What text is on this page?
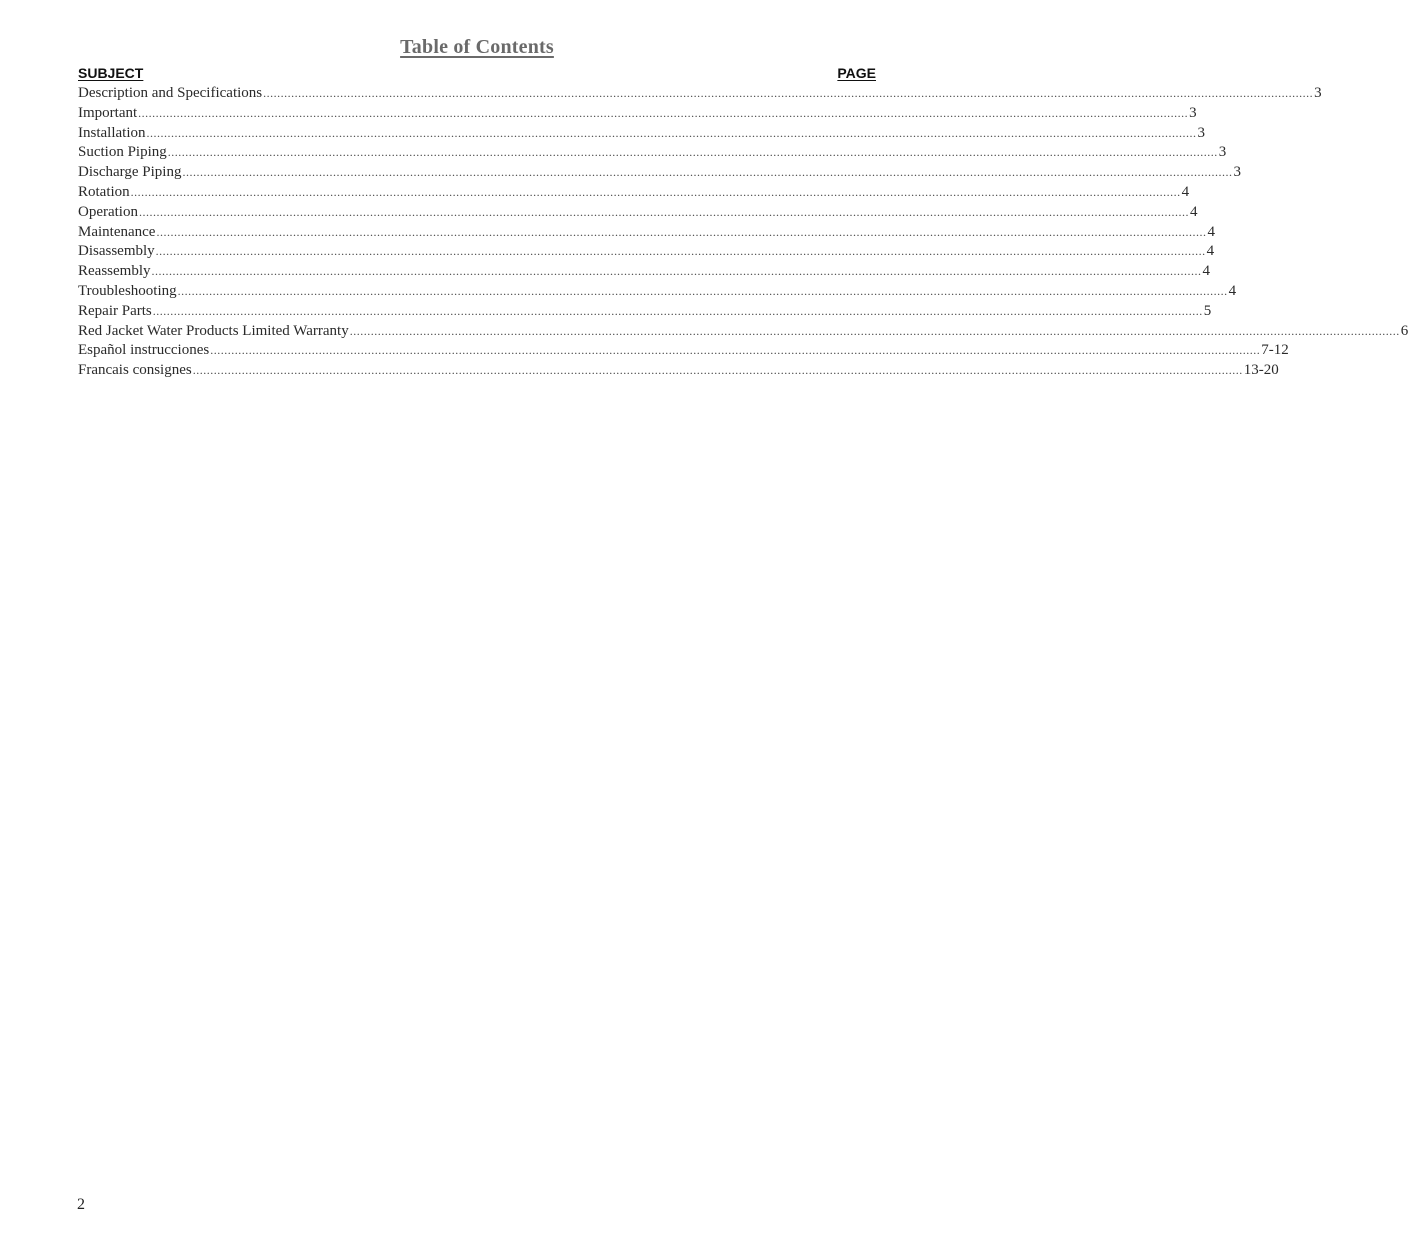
Table of Contents
SUBJECT	PAGE
Description and Specifications ............................................................................................................................................................................................................................................................................................................ 3
Important ............................................................................................................................................................................................................................................................................................................ 3
Installation ............................................................................................................................................................................................................................................................................................................ 3
Suction Piping ............................................................................................................................................................................................................................................................................................................ 3
Discharge Piping ............................................................................................................................................................................................................................................................................................................ 3
Rotation ............................................................................................................................................................................................................................................................................................................ 4
Operation ............................................................................................................................................................................................................................................................................................................ 4
Maintenance ............................................................................................................................................................................................................................................................................................................ 4
Disassembly ............................................................................................................................................................................................................................................................................................................ 4
Reassembly ............................................................................................................................................................................................................................................................................................................ 4
Troubleshooting ............................................................................................................................................................................................................................................................................................................ 4
Repair Parts ............................................................................................................................................................................................................................................................................................................ 5
Red Jacket Water Products Limited Warranty ............................................................................................................................................................................................................................................................................................................ 6
Español instrucciones ............................................................................................................................................................................................................................................................................................................ 7-12
Francais consignes ............................................................................................................................................................................................................................................................................................................ 13-20
2
